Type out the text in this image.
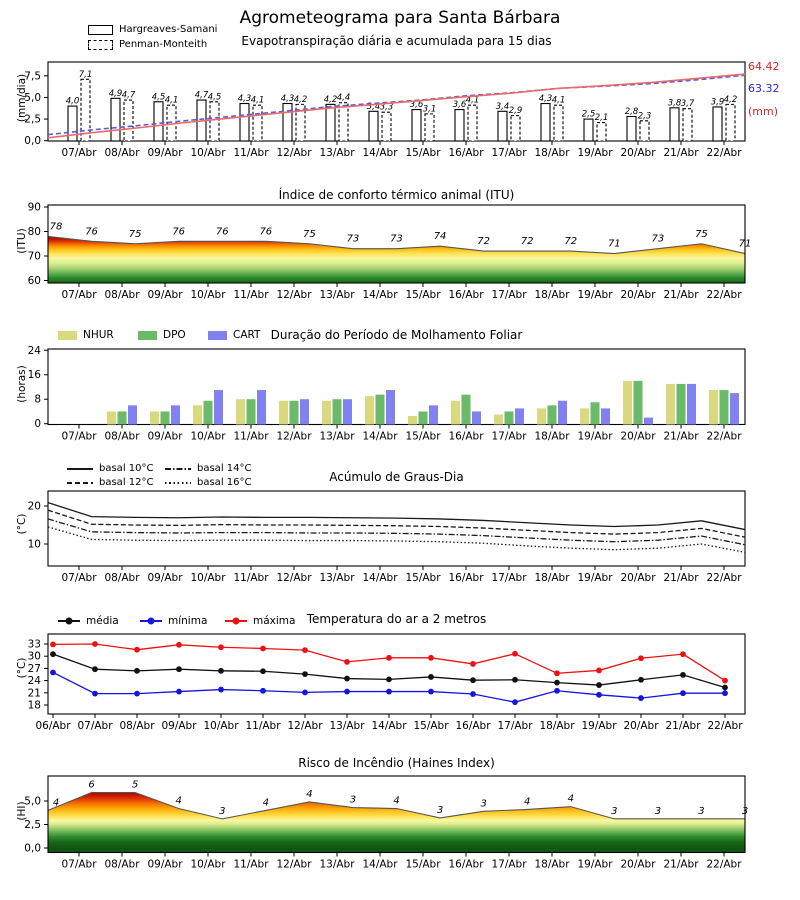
Agrometeograma para Santa Bárbara
7,5
5,0
2,5
0,0
07/Abr 08/Abr 09/Abr 10/Abr 11/Abr 12/Abr 13/Abr 14/Abr 15/Abr 16/Abr 17/Abr 18/Abr 19/Abr 20/Abr 21/Abr 22/Abr
4,0
4,9	4,5	4,7	4,3	4,3	4,2
3,4	3,6	3,6	3,4
4,3
2,5	2,8
3,8	3,9
7,1
4,7
4,1	4,5	4,1	4,2	4,4
3,3	3,1
4,1
2,9
4,1
2,1	2,3
3,7	4,2
78 76	75	76	76	76	75	73	73	74	72	72	72	71	73	75
71
90
80
70
60
07/Abr 08/Abr 09/Abr 10/Abr 11/Abr 12/Abr 13/Abr 14/Abr 15/Abr 16/Abr 17/Abr 18/Abr 19/Abr 20/Abr 21/Abr 22/Abr
24
16
8
0
07/Abr 08/Abr 09/Abr 10/Abr 11/Abr 12/Abr 13/Abr 14/Abr 15/Abr 16/Abr 17/Abr 18/Abr 19/Abr 20/Abr 21/Abr 22/Abr
20
10
07/Abr 08/Abr 09/Abr 10/Abr 11/Abr 12/Abr 13/Abr 14/Abr 15/Abr 16/Abr 17/Abr 18/Abr 19/Abr 20/Abr 21/Abr 22/Abr
33
30
27
24
21
18
06/Abr 07/Abr 08/Abr 09/Abr 10/Abr 11/Abr 12/Abr 13/Abr 14/Abr 15/Abr 16/Abr 17/Abr 18/Abr 19/Abr 20/Abr 21/Abr 22/Abr
4
6	5
4
3
4
4
3	4
3
3	4	4
3	3	3	3
5,0
2,5
0,0
07/Abr 08/Abr 09/Abr 10/Abr 11/Abr 12/Abr 13/Abr 14/Abr 15/Abr 16/Abr 17/Abr 18/Abr 19/Abr 20/Abr 21/Abr 22/Abr
Hargreaves-Samani
Penman-Monteith	Evapotranspiração diária e acumulada para 15 dias
64.42
63.32
(mm)
(mm/dia)
Índice de conforto térmico animal (ITU)
(ITU)
NHUR	DPO	CART Duração do Período de Molhamento Foliar
(horas)
basal 10°C
basal 12°C
basal 14°C
basal 16°C	Acúmulo de Graus-Dia
(°C)
média	mínima	máxima Temperatura do ar a 2 metros
(°C)
Risco de Incêndio (Haines Index)
(HI)
